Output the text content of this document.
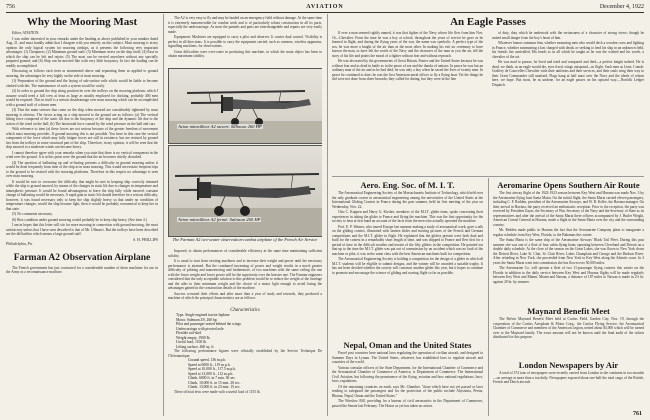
756	AVIATION	December 4, 1922
Why the Mooring Mast

Editor, AVIATION:

I was rather interested in your remarks under the heading as above published in your number dated Aug. 21, and must frankly admit that I disagree with you entirely on this subject. Mast mooring is in my opinion the only logical system for mooring airships, as it presents the following very important advantages: (1) Cheapness; (2) Minimum ground staff; (3) Minimum stress on the ship itself; (4) Ease in which the ship can be left and rejoin; (5) The mast can be erected anywhere without any specially prepared ground; and (6) Ship can be moored like with very little buoyancy. In fact the loading can be readily accomplished.

Discussing as follows each item as enumerated above and separating them as applied to ground mooring, the advantages lie very highly on the side of mast mooring:

(1) Preparation of the ground and the laying of sub-surface rails which would be liable to become choked with dirt. The maintenance of such a system would be costly.

(2) In order to ground the ship along position be over the trolleys on the mooring platform, which I assume would need a full crew at least as large as usually employed for docking, probably 400 men would be required. This in itself is a serious disadvantage over mast mooring which can be accomplished with a ground staff of a dozen men.

(3) That the main stresses that come on the ship when moored are considerably tightened by mast mooring is obvious. The forces acting on a ship moored to the ground are as follows: (a) The vertical lifting force composed of the static lift due to the buoyancy of the ship and the dynamic lift due to the action of the wind on the hull; (b) The horizontal force caused by the wind pressure on the hull and cars.

With reference to item (a) these forces are not serious because of the greater freedom of movement which mast mooring provides. If ground mooring this is not possible. You have in this case the vertical component of the force which may fully fatigue forces are still in existence, but are resisted by ground ties from the trolleys in some structural part of the ship. Therefore, in my opinion, it will be seen that the ship moored to a moderate winds can become heavy.

I cannot therefore agree with your remarks when you state that there is no vertical component in the wind over the ground. It is at this point were the ground that the air becomes chiefly disturbed.

(4) The question of ballasting up and re-lusting presents a difficulty in ground mooring unless it would be done frequently from time of the ship as in mast mooring. This would necessitate frequent trips to the ground to be resisted with the mooring platforms. Therefore in this respect no advantage is seen over mast mooring.

It would be nice to overcome the difficulty that might be met in keeping ship correctly trimmed while the ship is ground moored, by means of the changes in static lift due to changes in temperature and atmospheric pressure. It would be found advantageous to leave the ship fully while moored, constant change of ballasting would be necessary. A rapid gain in static lift should therefore be a serious difficulty, however, it was found necessary only to keep the ship slightly heavy so that under no condition of temperature changes, would the ship become light, then it would be probably economical to keep her in that state.

(5) No comments necessary.

(6) Best condition under ground mooring would probably be to keep ship heavy. (See item 4.)

I am in hopes that this letter will stir for more mooring in connection with ground mooring, the most satisfactory unless that I have seen described is that of Mr. Ullman's. But the trolleys have been described are the difficulties which means a large ground staff.

S. H. PHILLIPS
Philadelphia, Pa.
Farman A2 Observation Airplane

The French government has just contracted for a considerable number of these machines for use in the Army as a reconnaissance machine.

The A2 is very easy to fly and may be landed on an emergency field without damage. At the same time it is extremely manoeuvrable for combat work and is of particularly robust construction in all its parts, especially the undercarriage. As most the pannels and parts are interchangeable and repairs are very easily made.

Equipment: Machines are equipped to carry a pilot and observer. It carries dual control. Visibility is perfect in all directions. It is possible to carry the equipment carried, such as cameras, wireless apparatus, signalling machines, for observations.

Great difficulties were over-come in producing this machine, in which the main object has been to obtain maximum solidity.

Avion mitrailleur A2 ouvert. Salmson 260 HP
Avion mitrailleur A2 fermé. Salmson 260 HP
The Farman A2 two-seater observation-combat airplane of the French Air Service

Imposed, to obtain performances of considerable efficiency at the same time maintaining sufficient solidity.

It is usual to start from existing machines and to increase their weight and power until the necessary performance is attained. But the continued increasing of power and weight results in a much greater difficulty of piloting and manoeuvring and furthermore, of two machines with the same ceiling the one with the lower weight and lower power will be the superiority over the heavier one. The Farman engineers considered that the only acceptable solution to this problem would be to reduce the weight of the fuselage and the ailes to their minimum weight and the choice of a motor light enough to avoid losing the advantages gained in the construction details of the machine.

Success crowned their efforts and after more than a year of study and research, they produced a machine of which the principal characteristics are as follows:

Characteristics

Type, Single engined tractor biplane

Motor, Salmson Z9, 260 hp.

Pilot and passenger seated behind the wings

Undercarriage with pivoted axle

Flexible tail-skid

Weight empty, 1900 lb.

Useful load, 1100 lb.

Lifting surface, 460 sq. ft.

The following performance figures were officially established by the Service Technique De l'Aéronautique:

Ground speed, 136 m.p.h.

Speed at 6000 ft., 119 m.p.h.

Speed at 10,000 ft., 117.5 m.p.h.

Speed at 13,000 ft., 112 m.p.h.

Climb, 6000 ft. in 7 min. 30 sec.

Climb, 10,000 ft. in 15 min. 20 sec.

Climb, 13,000 ft. in 23 min. 15 sec.

These official tests were made with a useful load of 1155 lb.

An Eagle Passes

If ever a man seemed rightly named, it was that fighter of the Navy whose life flew from him Nov. 16—Chevalier. From the time he was a boy at school, throughout the years of service he gave as he learned in flight, and during the flying years of the war, the name was symbolic. A perfect type of the sea, he was more a knight of the air than as the most other. In making his exit no ceremony to have known the man, to have felt the worth of the Navy and the character of the man as you the air, tell the story of his life and points the moral of a fighter without fear and without reproach.

He was decorated by the governments of Great Britain, France and the United States because he was without fear and as dead in battle as in the peace of sea and the thanks of nations. In peace he was but an ordinary man of the air and as he had died; he was only a boy when he saved the lives of twenty men. In peace he continued to dare; he was the first American naval officer to fly a flying boat. Yet the things he did were not done from sheer bravado; they called for daring, but they were in the line

of duty, duty which he undertook with the seriousness of a character of strong views; though he united small danger from the boy's heart of him.

Whatever honors summon him, whether mourning men who would deck a wooden cross and lighting in France, whether summoning a last charged with death, or seeking to lend his ship in an unknown field, his friends lies unrivalled. His heads to us all which he taught as he was the wished and his worth, a chevalier of the air.

He was mad to pursue, he lived and tried and compared and died—a perfect knight indeed. He is dead, we think, as an eagle would die, eyes fixed, wings outspread—in flight. Such men as Lieut. Comdr. Godfrey de Courcelles Chevalier wish their uniforms and their services, and their souls wing their way to their Great Commander still unafraid. Flags hang at half mast over the Navy and the ideals of whom here, we hope. But most, be as undone, for an eagle passes on his upward way.—Norfolk Ledger Dispatch.

Aero. Eng. Soc. of M. I. T.

The Aeronautical Engineering Society of the Massachusetts Institute of Technology, which held over the only graduate course in aeronautical engineering among the universities of the United States at the International Gliding Contest in France during the past summer, held its first meeting of the year on Wednesday, Nov. 22.

Otto C. Koppen and Harry G. Kirsber, members of the M.I.T. glider team, spoke concerning their experiences in taking the glider to France and flying the machine. This was the first opportunity for the society to hear at first hand an account of the facts from the men who actually operated the machine.

Prof. E. P. Warner, who toured Europe last summer making a study of aeronautical work, gave a talk on the gliding contest, illustrated with lantern slides and moving pictures of the French and German competitions and the M.I.T. glider in flight. He explained that the gliders present were both dual and built for the contest in a remarkably short length of time, and was shipped to France and flew first for a period of time in the difficult weather and terrain of the fifty gliders in the competition. He pointed out that up to the time the M.I.T. glider was put out of commission by an accident which was no fault of the machine or pilot, it was in the same class with the best American machines built for competition.

The Aeronautical Engineering Society is holding a competition for the design of a glider in which all M.I.T. students will be eligible to submit designs, and the winner will be awarded a suitable trophy. It has not been decided whether the society will construct another glider this year, but it hopes to continue to promote and encourage the science of gliding and soaring flight so far as possible.

Nepal, Oman and the United States

Parcel post countries have national laws regulating the operation of civilian aircraft, and designed to Summer Days in Lyman. The United States, whatever, has established laws to regulate aircraft and countries of the world.

Various consular officers of the State Department, for the International Chamber of Commerce and the Aeronautical Chamber of Commerce of America, is Department of Commerce. The International Civil Aviation, but following the prominence of the flying, aviation and how national regulations, laws, laws, regulations.

Of the remaining countries on earth, says Mr. Chamber, "those which have not yet passed or laws tending to safeguard the passengers and for the protection of the public include Abyssinia, Persia, Bhutan, Nepal, Oman and the United States."

The Winslow Bill, providing for a bureau of civil aeronautics in the Department of Commerce, passed the Senate last February. The House as yet has taken no action.

Aeromarine Opens Southern Air Route

The first airway flight of the 1922-1923 season between Key West and Havana was made Nov. 3 by the Aeromarine flying boat Santa Maria. On the initial flight, the Santa Maria carried eleven passengers, including C. F. Redden, president of the Aeromarine Airways, and W. B. Kolbe, the Havana manager. On their arrival in Havana, the party received an enthusiastic reception. Prior to the reception, the party was received by President Zayas, the Secretary of War, Secretary of the Navy and the Secretary of State as its representatives and after the arrival of the Santa Maria there officers accompanied by J. Butler Wright, American Consul General in Havana, made a flight in the Santa Maria over the city and the surrounding country.

Mr. Redden made public in Havana the fact that the Aeromarine Company plans to inaugurate a regular schedule from Key West, Florida, to the Bahamas this winter.

The Santa Maria is the same ship of the Aeromarine Airways' Black Tail Fleet. During this past summer she was one of a fleet of four cabin flying boats operating between Cleveland and Detroit on a double daily schedule. At the close of the season on the Great Lakes, she was flown to New York down the Detroit River, Lake St. Clair, St. Clair River, Lakes Champlain and George and the Hudson River. After refueling in New York, she proceeded from New York to Key West along the Atlantic coast. In 2 years the Santa Maria went into commission she has flown over 50,000 miles.

The Aeromarine Co. will operate a fleet of two 11-passenger flying cruisers this winter on the Florida in addition to the daily service between Key West and Havana flights will be made regularly between Key West and Miami, Miami and Nassau, a distance of 187 miles to Nassau is made in 2½ hr. against 20 hr. by steamer.

Maynard Benefit Meet

The Belvin Maynard Benefit Meet held at Curtiss Field, Garden City, Nov. 19, through the cooperation of the Curtiss Aeroplane & Motor Corp., the Curtiss Flying Service, the Aeronautical Chamber of Commerce and members of the American Legion, netted about $3,000 which will be turned over to the Maynard family. The exact amount will not be known until the final audit of the tickets distributed for this purpose.

London Newspapers by Air

A total of 374 tons of newspapers were recently carried from London to the continent in two months—on average at more than a ton daily. Newspapers exposed about one-half the total cargo of the British, French and Dutch aircraft.

761
